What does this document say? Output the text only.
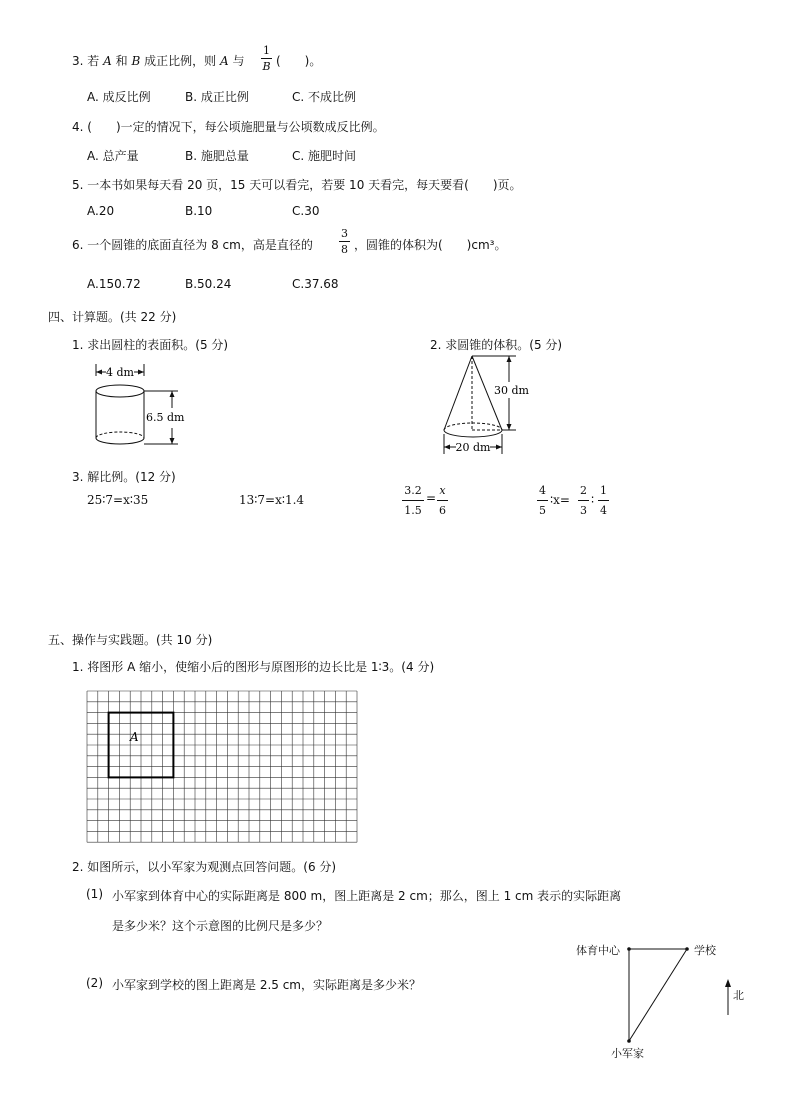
3. 若 A 和 B 成正比例，则 A 与
1
B (　　)。
A. 成反比例	B. 成正比例	C. 不成比例
4. (　　)一定的情况下，每公顷施肥量与公顷数成反比例。
A. 总产量	B. 施肥总量	C. 施肥时间
5. 一本书如果每天看 20 页，15 天可以看完，若要 10 天看完，每天要看(　　)页。
A.20	B.10	C.30
6. 一个圆锥的底面直径为 8 cm，高是直径的
3
8 ，圆锥的体积为(　　)cm³。
A.150.72	B.50.24	C.37.68
四、计算题。(共 22 分)
1. 求出圆柱的表面积。(5 分)	2. 求圆锥的体积。(5 分)
4 dm
6.5 dm
30 dm
20 dm
3. 解比例。(12 分)
25∶7=x∶35	13∶7=x∶1.4
3.2
1.5
=
x
6
4
5
∶x=
2
3
∶
1
4
五、操作与实践题。(共 10 分)
1. 将图形 A 缩小，使缩小后的图形与原图形的边长比是 1∶3。(4 分)
A
2. 如图所示，以小军家为观测点回答问题。(6 分)
(1) 小军家到体育中心的实际距离是 800 m，图上距离是 2 cm；那么，图上 1 cm 表示的实际距离
是多少米？这个示意图的比例尺是多少？
(2) 小军家到学校的图上距离是 2.5 cm，实际距离是多少米？
体育中心	学校
小军家
北
